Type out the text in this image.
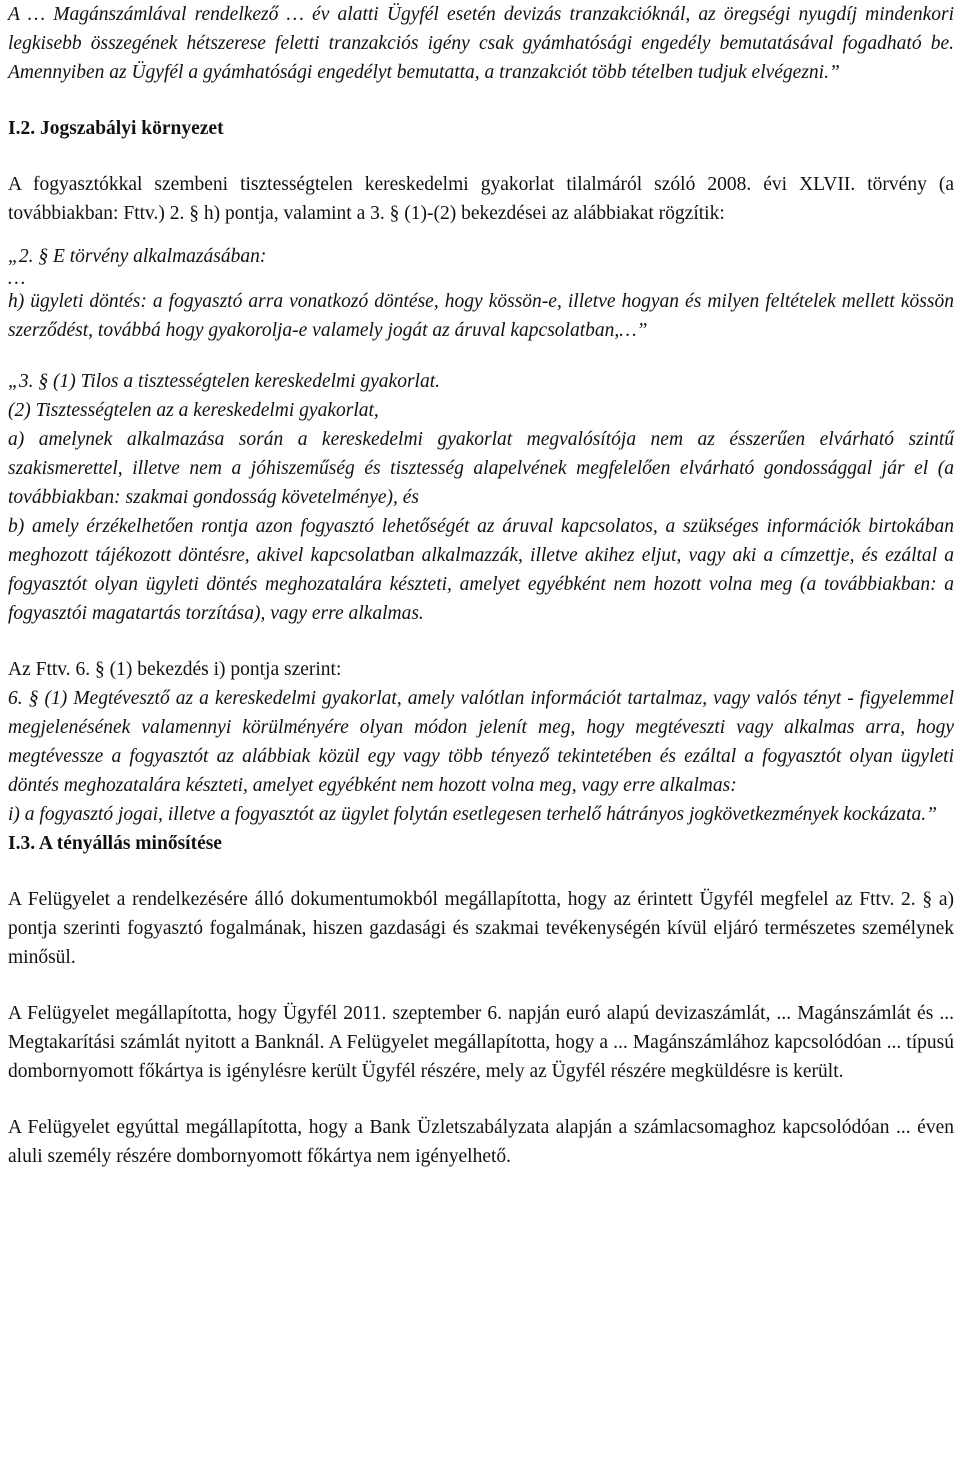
A … Magánszámlával rendelkező … év alatti Ügyfél esetén devizás tranzakcióknál, az öregségi nyugdíj mindenkori legkisebb összegének hétszerese feletti tranzakciós igény csak gyámhatósági engedély bemutatásával fogadható be. Amennyiben az Ügyfél a gyámhatósági engedélyt bemutatta, a tranzakciót több tételben tudjuk elvégezni.”

I.2. Jogszabályi környezet

A fogyasztókkal szembeni tisztességtelen kereskedelmi gyakorlat tilalmáról szóló 2008. évi XLVII. törvény (a továbbiakban: Fttv.) 2. § h) pontja, valamint a 3. § (1)-(2) bekezdései az alábbiakat rögzítik:

„2. § E törvény alkalmazásában:

…

h) ügyleti döntés: a fogyasztó arra vonatkozó döntése, hogy kössön-e, illetve hogyan és milyen feltételek mellett kössön szerződést, továbbá hogy gyakorolja-e valamely jogát az áruval kapcsolatban,…”

„3. § (1) Tilos a tisztességtelen kereskedelmi gyakorlat.

(2) Tisztességtelen az a kereskedelmi gyakorlat,

a) amelynek alkalmazása során a kereskedelmi gyakorlat megvalósítója nem az ésszerűen elvárható szintű szakismerettel, illetve nem a jóhiszeműség és tisztesség alapelvének megfelelően elvárható gondossággal jár el (a továbbiakban: szakmai gondosság követelménye), és

b) amely érzékelhetően rontja azon fogyasztó lehetőségét az áruval kapcsolatos, a szükséges információk birtokában meghozott tájékozott döntésre, akivel kapcsolatban alkalmazzák, illetve akihez eljut, vagy aki a címzettje, és ezáltal a fogyasztót olyan ügyleti döntés meghozatalára készteti, amelyet egyébként nem hozott volna meg (a továbbiakban: a fogyasztói magatartás torzítása), vagy erre alkalmas.

Az Fttv. 6. § (1) bekezdés i) pontja szerint:

6. § (1) Megtévesztő az a kereskedelmi gyakorlat, amely valótlan információt tartalmaz, vagy valós tényt - figyelemmel megjelenésének valamennyi körülményére olyan módon jelenít meg, hogy megtéveszti vagy alkalmas arra, hogy megtévessze a fogyasztót az alábbiak közül egy vagy több tényező tekintetében és ezáltal a fogyasztót olyan ügyleti döntés meghozatalára készteti, amelyet egyébként nem hozott volna meg, vagy erre alkalmas:

i) a fogyasztó jogai, illetve a fogyasztót az ügylet folytán esetlegesen terhelő hátrányos jogkövetkezmények kockázata.”

I.3. A tényállás minősítése

A Felügyelet a rendelkezésére álló dokumentumokból megállapította, hogy az érintett Ügyfél megfelel az Fttv. 2. § a) pontja szerinti fogyasztó fogalmának, hiszen gazdasági és szakmai tevékenységén kívül eljáró természetes személynek minősül.

A Felügyelet megállapította, hogy Ügyfél 2011. szeptember 6. napján euró alapú devizaszámlát, ... Magánszámlát és ... Megtakarítási számlát nyitott a Banknál. A Felügyelet megállapította, hogy a ... Magánszámlához kapcsolódóan ... típusú dombornyomott főkártya is igénylésre került Ügyfél részére, mely az Ügyfél részére megküldésre is került.

A Felügyelet egyúttal megállapította, hogy a Bank Üzletszabályzata alapján a számlacsomaghoz kapcsolódóan ... éven aluli személy részére dombornyomott főkártya nem igényelhető.
